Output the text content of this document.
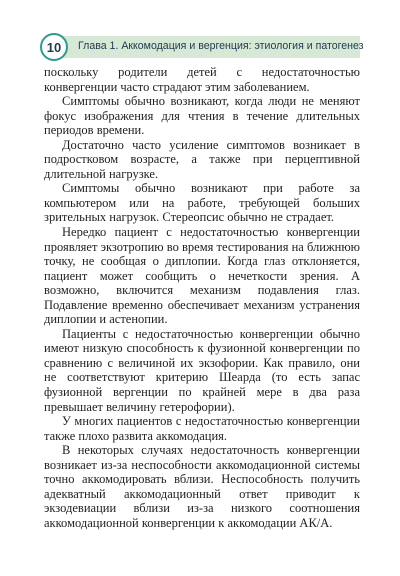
10 Глава 1. Аккомодация и вергенция: этиология и патогенез

поскольку родители детей с недостаточностью конвергенции часто страдают этим заболеванием.

Симптомы обычно возникают, когда люди не меняют фокус изображения для чтения в течение длительных периодов времени.

Достаточно часто усиление симптомов возникает в подростковом возрасте, а также при перцептивной длительной нагрузке.

Симптомы обычно возникают при работе за компьютером или на работе, требующей больших зрительных нагрузок. Стереопсис обычно не страдает.

Нередко пациент с недостаточностью конвергенции проявляет экзотропию во время тестирования на ближнюю точку, не сообщая о диплопии. Когда глаз отклоняется, пациент может сообщить о нечеткости зрения. А возможно, включится механизм подавления глаз. Подавление временно обеспечивает механизм устранения диплопии и астенопии.

Пациенты с недостаточностью конвергенции обычно имеют низкую способность к фузионной конвергенции по сравнению с величиной их экзофории. Как правило, они не соответствуют критерию Шеарда (то есть запас фузионной вергенции по крайней мере в два раза превышает величину гетерофории).

У многих пациентов с недостаточностью конвергенции также плохо развита аккомодация.

В некоторых случаях недостаточность конвергенции возникает из-за неспособности аккомодационной системы точно аккомодировать вблизи. Неспособность получить адекватный аккомодационный ответ приводит к экзодевиации вблизи из-за низкого соотношения аккомодационной конвергенции к аккомодации АК/А.
